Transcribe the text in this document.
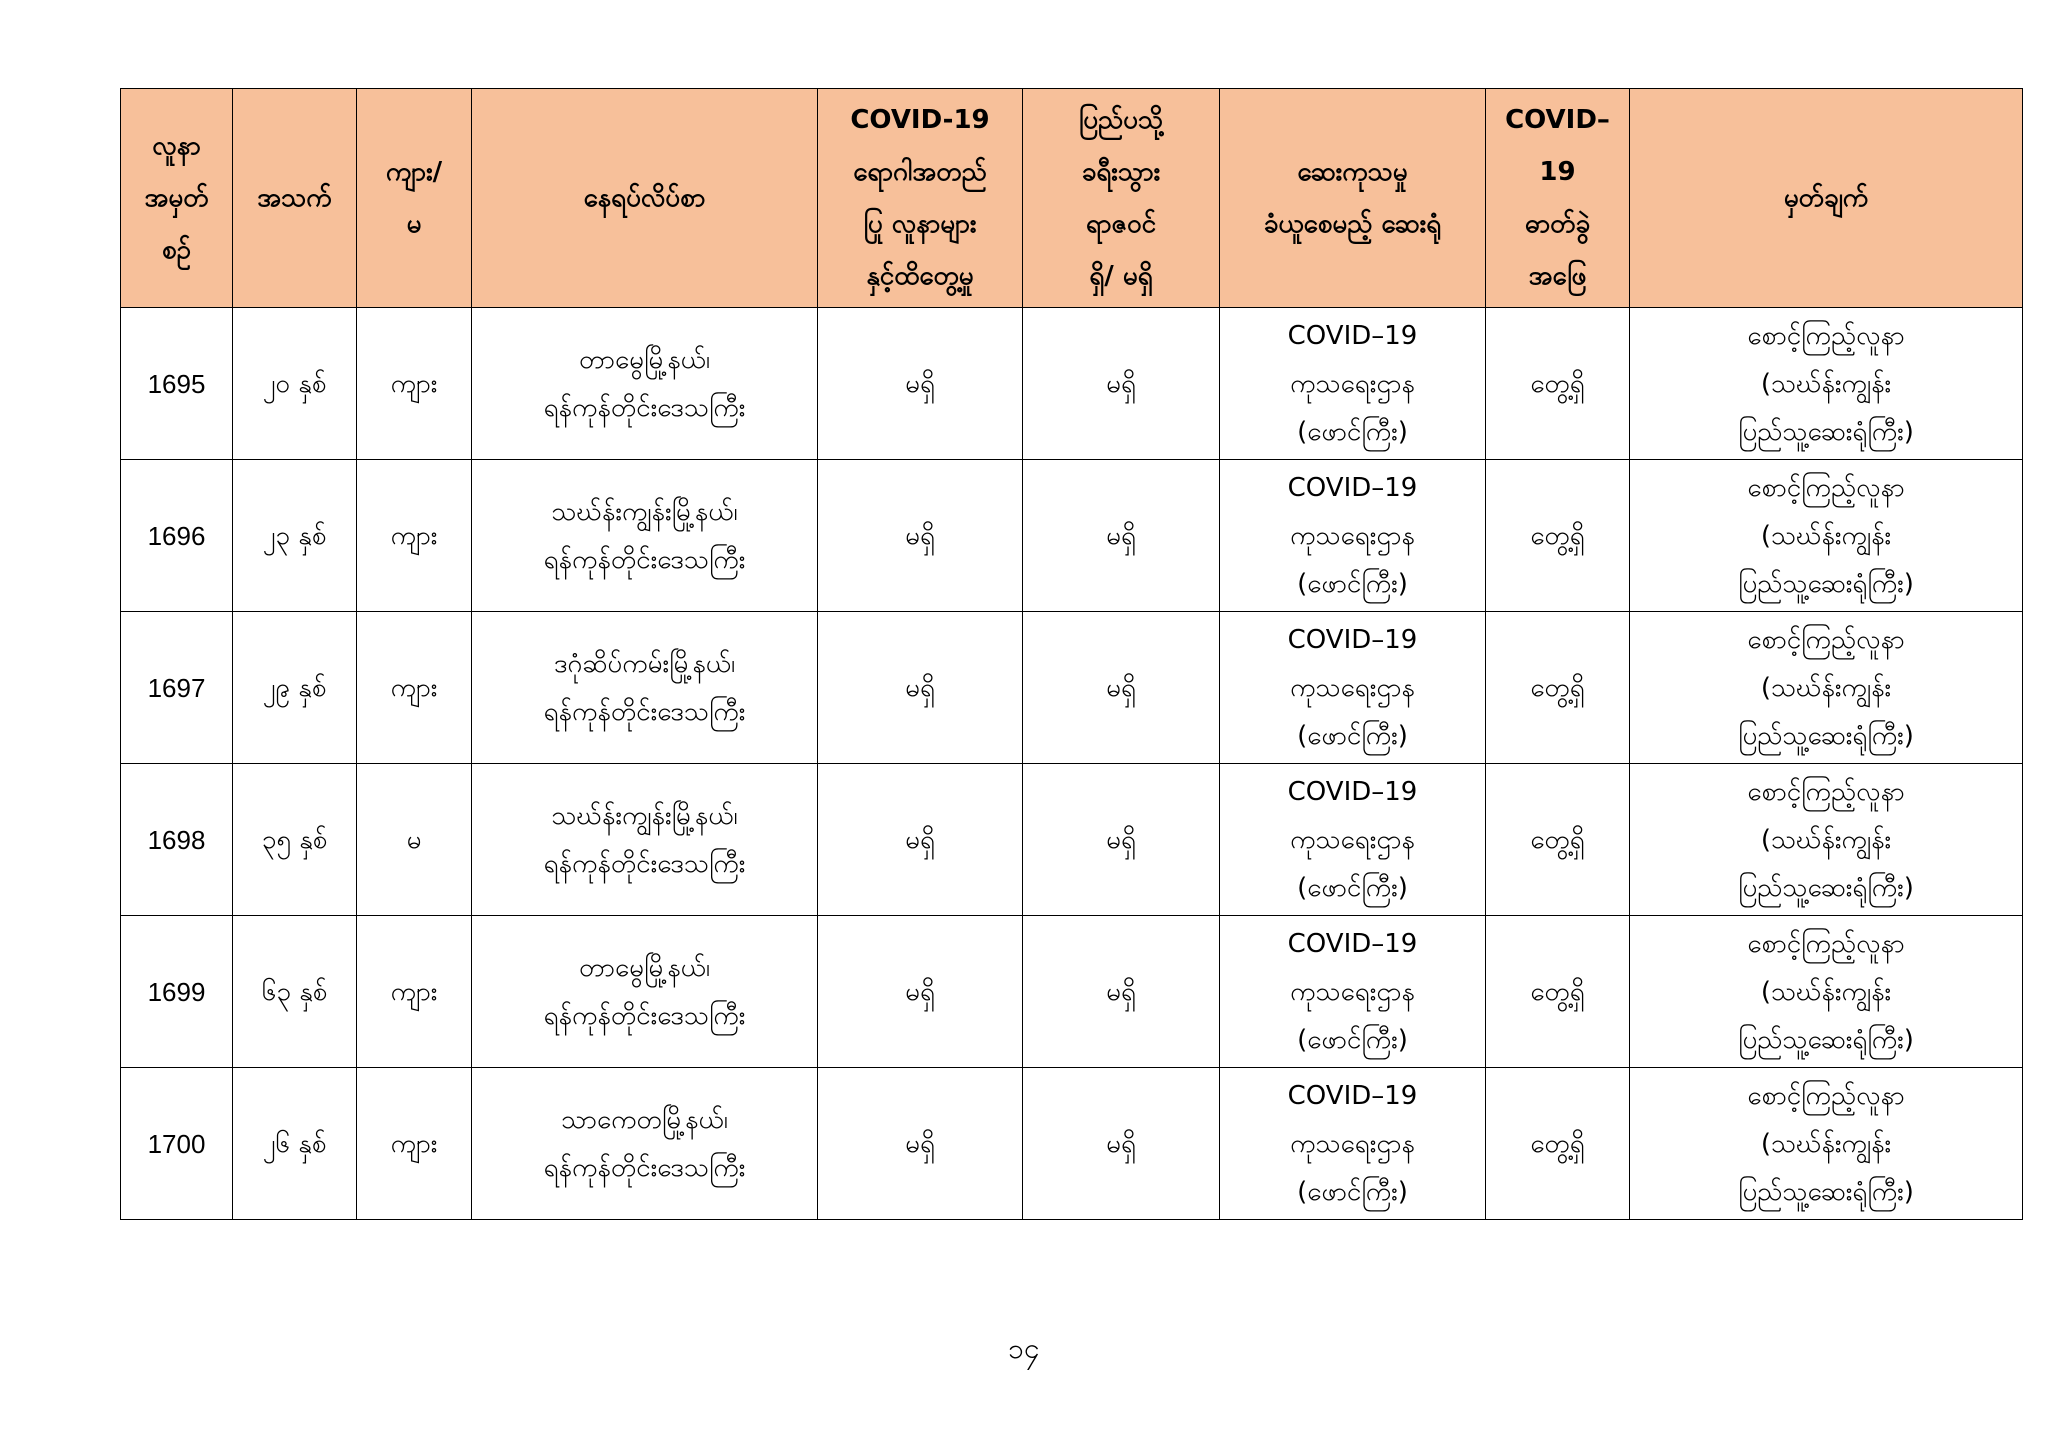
လူနာ
အမှတ်
စဉ်	အသက်	ကျား/
မ	နေရပ်လိပ်စာ	COVID-19
ရောဂါအတည်
ပြု လူနာများ
နှင့်ထိတွေ့မှု	ပြည်ပသို့
ခရီးသွား
ရာဇဝင်
ရှိ/ မရှိ	ဆေးကုသမှု
ခံယူစေမည့် ဆေးရုံ	COVID–
19
ဓာတ်ခွဲ
အဖြေ	မှတ်ချက်

1695	၂၀ နှစ်	ကျား	တာမွေမြို့နယ်၊
ရန်ကုန်တိုင်းဒေသကြီး	မရှိ	မရှိ	COVID–19
ကုသရေးဌာန
(ဖောင်ကြီး)	တွေ့ရှိ	စောင့်ကြည့်လူနာ
(သဃ်န်းကျွန်း
ပြည်သူ့ဆေးရုံကြီး)

1696	၂၃ နှစ်	ကျား	သဃ်န်းကျွန်းမြို့နယ်၊
ရန်ကုန်တိုင်းဒေသကြီး	မရှိ	မရှိ	COVID–19
ကုသရေးဌာန
(ဖောင်ကြီး)	တွေ့ရှိ	စောင့်ကြည့်လူနာ
(သဃ်န်းကျွန်း
ပြည်သူ့ဆေးရုံကြီး)

1697	၂၉ နှစ်	ကျား	ဒဂုံဆိပ်ကမ်းမြို့နယ်၊
ရန်ကုန်တိုင်းဒေသကြီး	မရှိ	မရှိ	COVID–19
ကုသရေးဌာန
(ဖောင်ကြီး)	တွေ့ရှိ	စောင့်ကြည့်လူနာ
(သဃ်န်းကျွန်း
ပြည်သူ့ဆေးရုံကြီး)

1698	၃၅ နှစ်	မ	သဃ်န်းကျွန်းမြို့နယ်၊
ရန်ကုန်တိုင်းဒေသကြီး	မရှိ	မရှိ	COVID–19
ကုသရေးဌာန
(ဖောင်ကြီး)	တွေ့ရှိ	စောင့်ကြည့်လူနာ
(သဃ်န်းကျွန်း
ပြည်သူ့ဆေးရုံကြီး)

1699	၆၃ နှစ်	ကျား	တာမွေမြို့နယ်၊
ရန်ကုန်တိုင်းဒေသကြီး	မရှိ	မရှိ	COVID–19
ကုသရေးဌာန
(ဖောင်ကြီး)	တွေ့ရှိ	စောင့်ကြည့်လူနာ
(သဃ်န်းကျွန်း
ပြည်သူ့ဆေးရုံကြီး)

1700	၂၆ နှစ်	ကျား	သာကေတမြို့နယ်၊
ရန်ကုန်တိုင်းဒေသကြီး	မရှိ	မရှိ	COVID–19
ကုသရေးဌာန
(ဖောင်ကြီး)	တွေ့ရှိ	စောင့်ကြည့်လူနာ
(သဃ်န်းကျွန်း
ပြည်သူ့ဆေးရုံကြီး)
၁၄
